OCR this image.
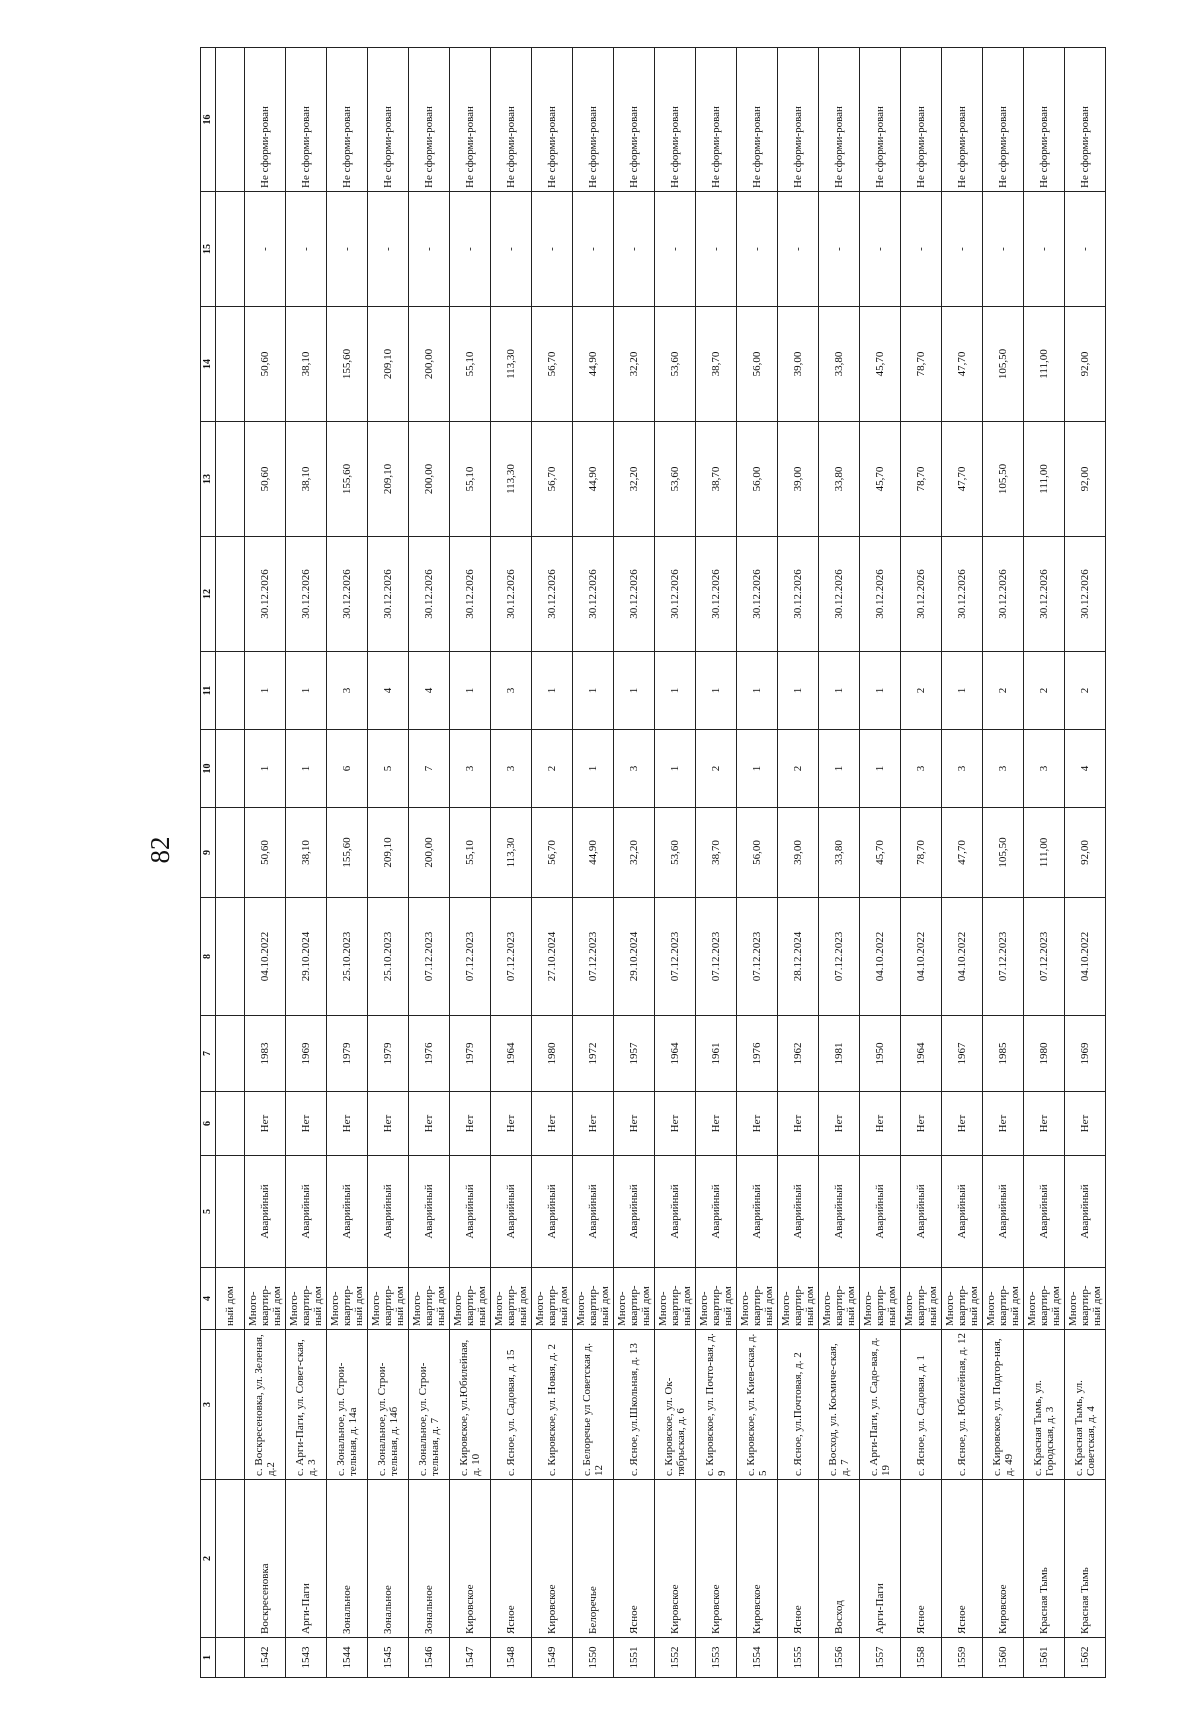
82
1	2	3	4	5	6	7	8	9	10	11	12	13	14	15	16
			ный дом												
1542	Воскресеновка	с. Воскресеновка, ул. Зеленая, д.2	Много-квартир-ный дом	Аварийный	Нет	1983	04.10.2022	50,60	1	1	30.12.2026	50,60	50,60	-	Не сформи-рован
1543	Арги-Паги	с. Арги-Паги, ул. Совет-ская, д. 3	Много-квартир-ный дом	Аварийный	Нет	1969	29.10.2024	38,10	1	1	30.12.2026	38,10	38,10	-	Не сформи-рован
1544	Зональное	с. Зональное, ул. Строи-тельная, д. 14а	Много-квартир-ный дом	Аварийный	Нет	1979	25.10.2023	155,60	6	3	30.12.2026	155,60	155,60	-	Не сформи-рован
1545	Зональное	с. Зональное, ул. Строи-тельная, д. 14б	Много-квартир-ный дом	Аварийный	Нет	1979	25.10.2023	209,10	5	4	30.12.2026	209,10	209,10	-	Не сформи-рован
1546	Зональное	с. Зональное, ул. Строи-тельная, д. 7	Много-квартир-ный дом	Аварийный	Нет	1976	07.12.2023	200,00	7	4	30.12.2026	200,00	200,00	-	Не сформи-рован
1547	Кировское	с. Кировское, ул.Юбилейная, д. 10	Много-квартир-ный дом	Аварийный	Нет	1979	07.12.2023	55,10	3	1	30.12.2026	55,10	55,10	-	Не сформи-рован
1548	Ясное	с. Ясное, ул. Садовая, д. 15	Много-квартир-ный дом	Аварийный	Нет	1964	07.12.2023	113,30	3	3	30.12.2026	113,30	113,30	-	Не сформи-рован
1549	Кировское	с. Кировское, ул. Новая, д. 2	Много-квартир-ный дом	Аварийный	Нет	1980	27.10.2024	56,70	2	1	30.12.2026	56,70	56,70	-	Не сформи-рован
1550	Белоречье	с. Белоречье ул Советская д. 12	Много-квартир-ный дом	Аварийный	Нет	1972	07.12.2023	44,90	1	1	30.12.2026	44,90	44,90	-	Не сформи-рован
1551	Ясное	с. Ясное, ул.Школьная, д. 13	Много-квартир-ный дом	Аварийный	Нет	1957	29.10.2024	32,20	3	1	30.12.2026	32,20	32,20	-	Не сформи-рован
1552	Кировское	с. Кировское, ул. Ок-тябрьская, д. 6	Много-квартир-ный дом	Аварийный	Нет	1964	07.12.2023	53,60	1	1	30.12.2026	53,60	53,60	-	Не сформи-рован
1553	Кировское	с. Кировское, ул. Почто-вая, д. 9	Много-квартир-ный дом	Аварийный	Нет	1961	07.12.2023	38,70	2	1	30.12.2026	38,70	38,70	-	Не сформи-рован
1554	Кировское	с. Кировское, ул. Киев-ская, д. 5	Много-квартир-ный дом	Аварийный	Нет	1976	07.12.2023	56,00	1	1	30.12.2026	56,00	56,00	-	Не сформи-рован
1555	Ясное	с. Ясное, ул.Почтовая, д. 2	Много-квартир-ный дом	Аварийный	Нет	1962	28.12.2024	39,00	2	1	30.12.2026	39,00	39,00	-	Не сформи-рован
1556	Восход	с. Восход, ул. Космиче-ская, д. 7	Много-квартир-ный дом	Аварийный	Нет	1981	07.12.2023	33,80	1	1	30.12.2026	33,80	33,80	-	Не сформи-рован
1557	Арги-Паги	с. Арги-Паги, ул. Садо-вая, д. 19	Много-квартир-ный дом	Аварийный	Нет	1950	04.10.2022	45,70	1	1	30.12.2026	45,70	45,70	-	Не сформи-рован
1558	Ясное	с. Ясное, ул. Садовая, д. 1	Много-квартир-ный дом	Аварийный	Нет	1964	04.10.2022	78,70	3	2	30.12.2026	78,70	78,70	-	Не сформи-рован
1559	Ясное	с. Ясное, ул. Юбилейная, д. 12	Много-квартир-ный дом	Аварийный	Нет	1967	04.10.2022	47,70	3	1	30.12.2026	47,70	47,70	-	Не сформи-рован
1560	Кировское	с. Кировское, ул. Подгор-ная, д. 49	Много-квартир-ный дом	Аварийный	Нет	1985	07.12.2023	105,50	3	2	30.12.2026	105,50	105,50	-	Не сформи-рован
1561	Красная Тымь	с. Красная Тымь, ул. Городская, д. 3	Много-квартир-ный дом	Аварийный	Нет	1980	07.12.2023	111,00	3	2	30.12.2026	111,00	111,00	-	Не сформи-рован
1562	Красная Тымь	с. Красная Тымь, ул. Советская, д. 4	Много-квартир-ный дом	Аварийный	Нет	1969	04.10.2022	92,00	4	2	30.12.2026	92,00	92,00	-	Не сформи-рован
